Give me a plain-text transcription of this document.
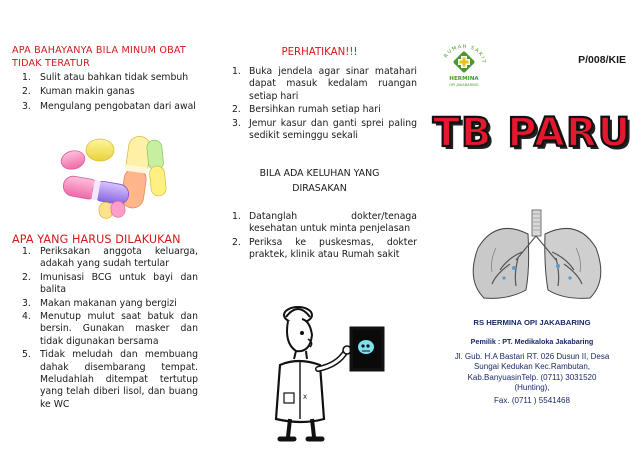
APA BAHAYANYA BILA MINUM OBAT TIDAK TERATUR
1. Sulit atau bahkan tidak sembuh
2. Kuman makin ganas
3. Mengulang pengobatan dari awal
APA YANG HARUS DILAKUKAN
1. Periksakan anggota keluarga, adakah yang sudah tertular
2. Imunisasi BCG untuk bayi dan balita
3. Makan makanan yang bergizi
4. Menutup mulut saat batuk dan bersin. Gunakan masker dan tidak digunakan bersama
5. Tidak meludah dan membuang dahak disembarang tempat. Meludahlah ditempat tertutup yang telah diberi lisol, dan buang ke WC
PERHATIKAN!!!
1. Buka jendela agar sinar matahari dapat masuk kedalam ruangan setiap hari
2. Bersihkan rumah setiap hari
3. Jemur kasur dan ganti sprei paling sedikit seminggu sekali
BILA ADA KELUHAN YANG
DIRASAKAN
1. Datanglah dokter/tenaga kesehatan untuk minta penjelasan
2. Periksa ke puskesmas, dokter praktek, klinik atau Rumah sakit
X
RUMAH SAKIT
HERMINA
OPI JAKABARING
P/008/KIE
TB PARU
RS HERMINA OPI JAKABARING
Pemilik : PT. Medikaloka Jakabaring
Jl. Gub. H.A Bastari RT. 026 Dusun II, Desa
Sungai Kedukan Kec.Rambutan,
Kab.BanyuasinTelp. (0711) 3031520
(Hunting),
Fax. (0711 ) 5541468
